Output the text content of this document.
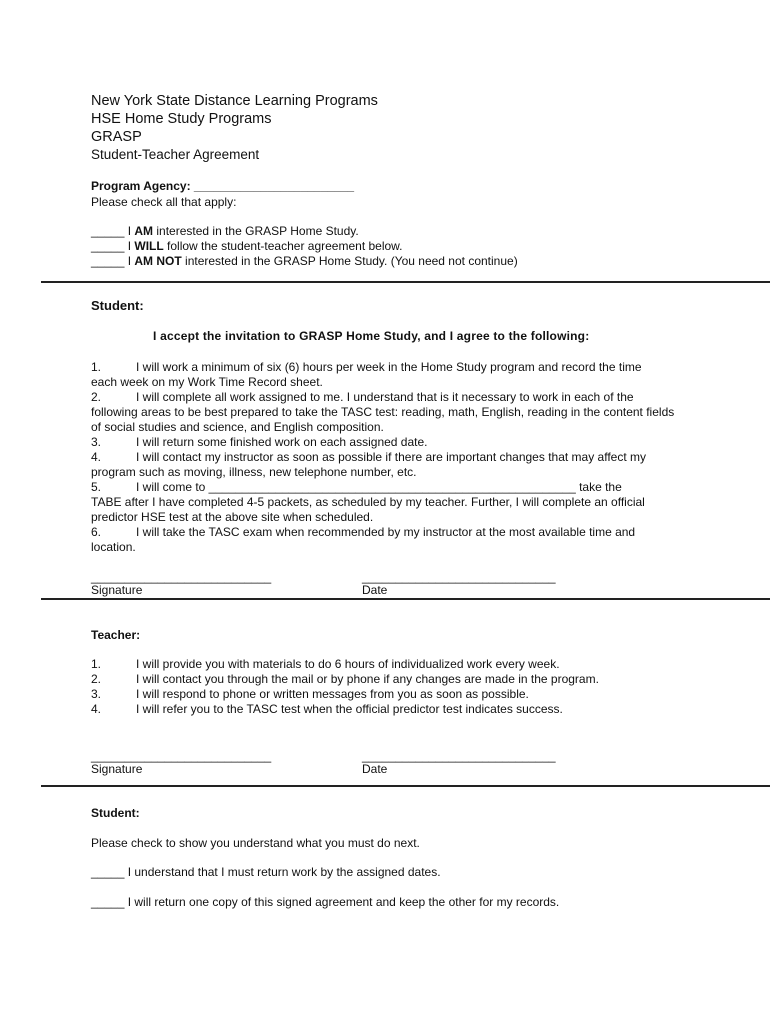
New York State Distance Learning Programs
HSE Home Study Programs
GRASP
Student-Teacher Agreement
Program Agency: ________________________
Please check all that apply:
_____ I AM interested in the GRASP Home Study.
_____ I WILL follow the student-teacher agreement below.
_____ I AM NOT interested in the GRASP Home Study. (You need not continue)
Student:
I accept the invitation to GRASP Home Study, and I agree to the following:
1.	I will work a minimum of six (6) hours per week in the Home Study program and record the time
each week on my Work Time Record sheet.
2.	I will complete all work assigned to me. I understand that is it necessary to work in each of the
following areas to be best prepared to take the TASC test: reading, math, English, reading in the content fields of social studies and science, and English composition.
3.	I will return some finished work on each assigned date.
4.	I will contact my instructor as soon as possible if there are important changes that may affect my
program such as moving, illness, new telephone number, etc.
5.	I will come to _______________________________________________________ take the
TABE after I have completed 4-5 packets, as scheduled by my teacher. Further, I will complete an official predictor HSE test at the above site when scheduled.
6.	I will take the TASC exam when recommended by my instructor at the most available time and
location.
___________________________
Signature
_____________________________
Date
Teacher:
1.	I will provide you with materials to do 6 hours of individualized work every week.
2.	I will contact you through the mail or by phone if any changes are made in the program.
3.	I will respond to phone or written messages from you as soon as possible.
4.	I will refer you to the TASC test when the official predictor test indicates success.
___________________________
Signature
_____________________________
Date
Student:
Please check to show you understand what you must do next.
_____ I understand that I must return work by the assigned dates.
_____ I will return one copy of this signed agreement and keep the other for my records.
